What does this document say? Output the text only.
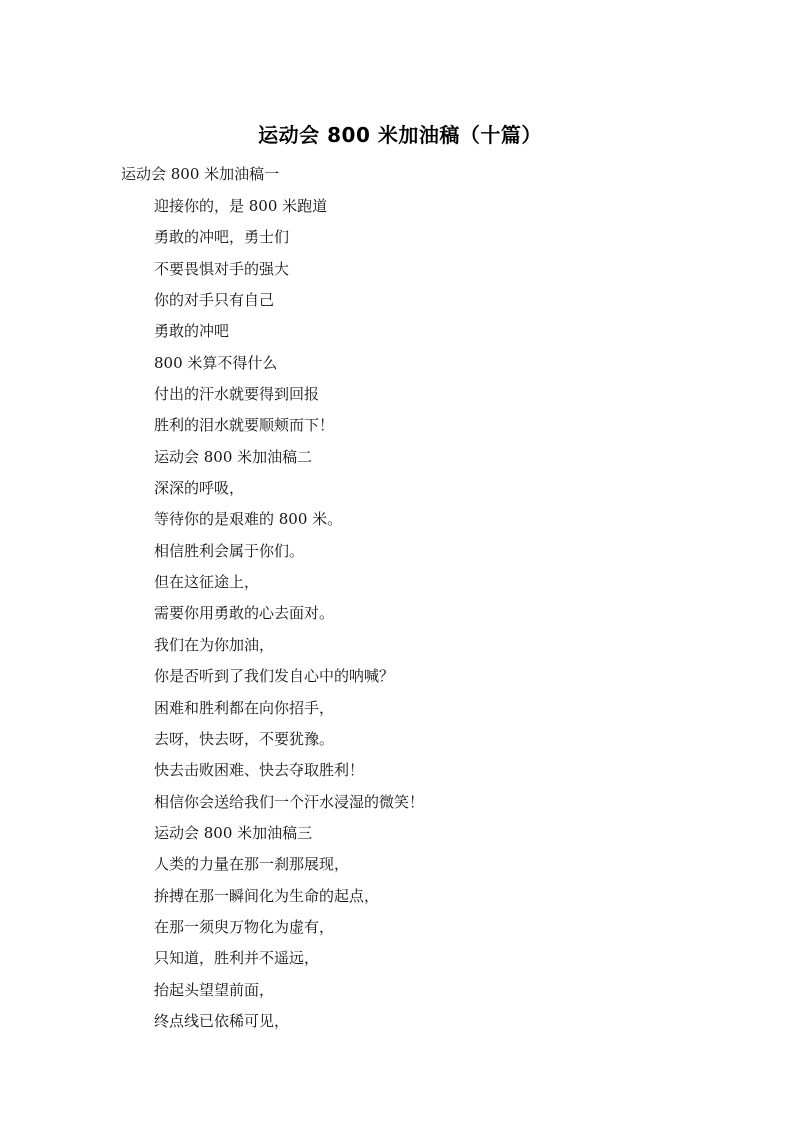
运动会 800 米加油稿（十篇）
运动会 800 米加油稿一
迎接你的，是 800 米跑道
勇敢的冲吧，勇士们
不要畏惧对手的强大
你的对手只有自己
勇敢的冲吧
800 米算不得什么
付出的汗水就要得到回报
胜利的泪水就要顺颊而下！
运动会 800 米加油稿二
深深的呼吸，
等待你的是艰难的 800 米。
相信胜利会属于你们。
但在这征途上，
需要你用勇敢的心去面对。
我们在为你加油，
你是否听到了我们发自心中的呐喊？
困难和胜利都在向你招手，
去呀，快去呀，不要犹豫。
快去击败困难、快去夺取胜利！
相信你会送给我们一个汗水浸湿的微笑！
运动会 800 米加油稿三
人类的力量在那一刹那展现，
拚搏在那一瞬间化为生命的起点，
在那一须臾万物化为虚有，
只知道，胜利并不遥远，
抬起头望望前面，
终点线已依稀可见，
